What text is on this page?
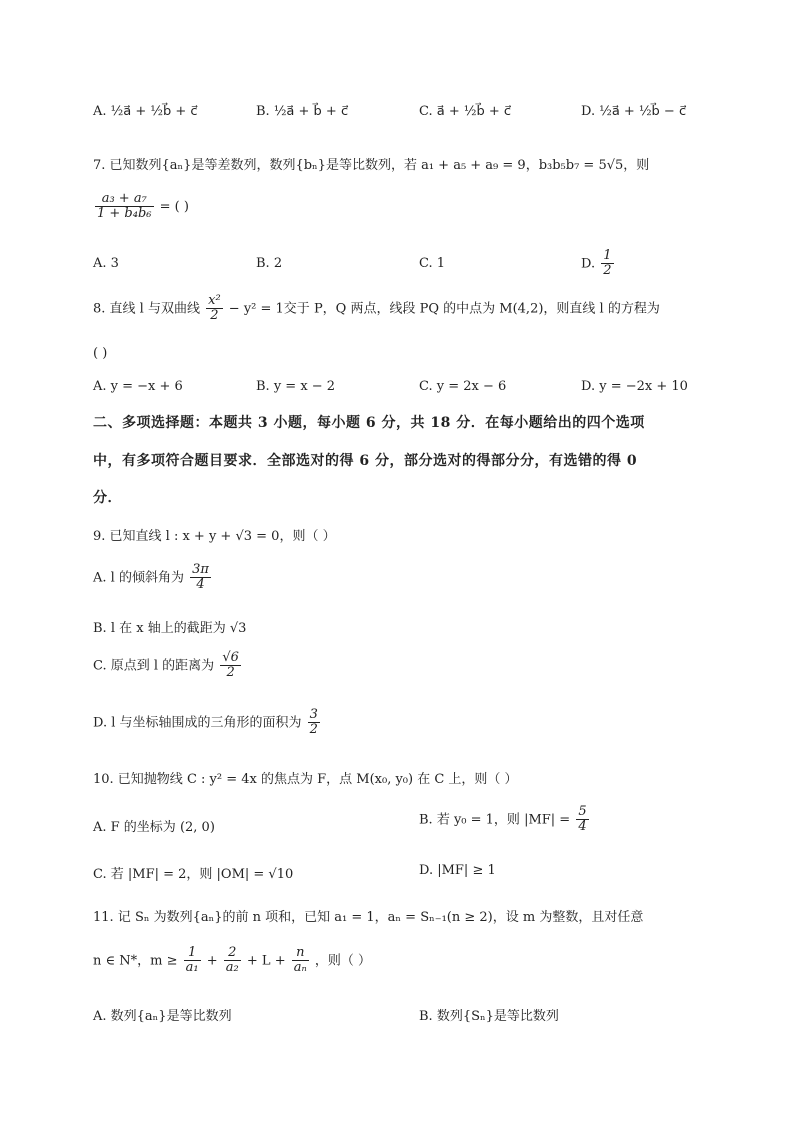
A. ½a⃗ + ½b⃗ + c⃗	B. ½a⃗ + b⃗ + c⃗	C. a⃗ + ½b⃗ + c⃗	D. ½a⃗ + ½b⃗ − c⃗
7. 已知数列{aₙ}是等差数列，数列{bₙ}是等比数列，若 a₁ + a₅ + a₉ = 9，b₃b₅b₇ = 5√5，则
$\frac{\text{a₃ + a₇}}{\text{1 + b₄b₆}}$ = ( )
A. 3	B. 2	C. 1	D. $\frac{1}{2}$
8. 直线 l 与双曲线 $\frac{\text{x²}}{2} - y^2 = 1$交于 P，Q 两点，线段 PQ 的中点为 M(4,2)，则直线 l 的方程为
( )
A. y = −x + 6	B. y = x − 2	C. y = 2x − 6	D. y = −2x + 10
二、多项选择题：本题共 3 小题，每小题 6 分，共 18 分．在每小题给出的四个选项
中，有多项符合题目要求．全部选对的得 6 分，部分选对的得部分分，有选错的得 0
分．
9. 已知直线 l : x + y + √3 = 0，则（ ）
A. l 的倾斜角为 $\frac{3\pi}{4}$
B. l 在 x 轴上的截距为 √3
C. 原点到 l 的距离为 $\frac{√6}{2}$
D. l 与坐标轴围成的三角形的面积为 $\frac{3}{2}$
10. 已知抛物线 C : y² = 4x 的焦点为 F，点 M(x₀, y₀) 在 C 上，则（ ）
A. F 的坐标为 (2, 0)
B. 若 y₀ = 1，则 $|MF| = \frac{5}{4}$
C. 若 |MF| = 2，则 |OM| = √10	D. |MF| ≥ 1
11. 记 Sₙ 为数列{aₙ}的前 n 项和，已知 a₁ = 1，aₙ = Sₙ₋₁(n ≥ 2)，设 m 为整数，且对任意
n ∈ N*，$m \ge \frac{1}{\text{a₁}} + \frac{2}{\text{a₂}} + L + \frac{n}{\text{aₙ}}$ ，则（ ）
A. 数列{aₙ}是等比数列	B. 数列{Sₙ}是等比数列
